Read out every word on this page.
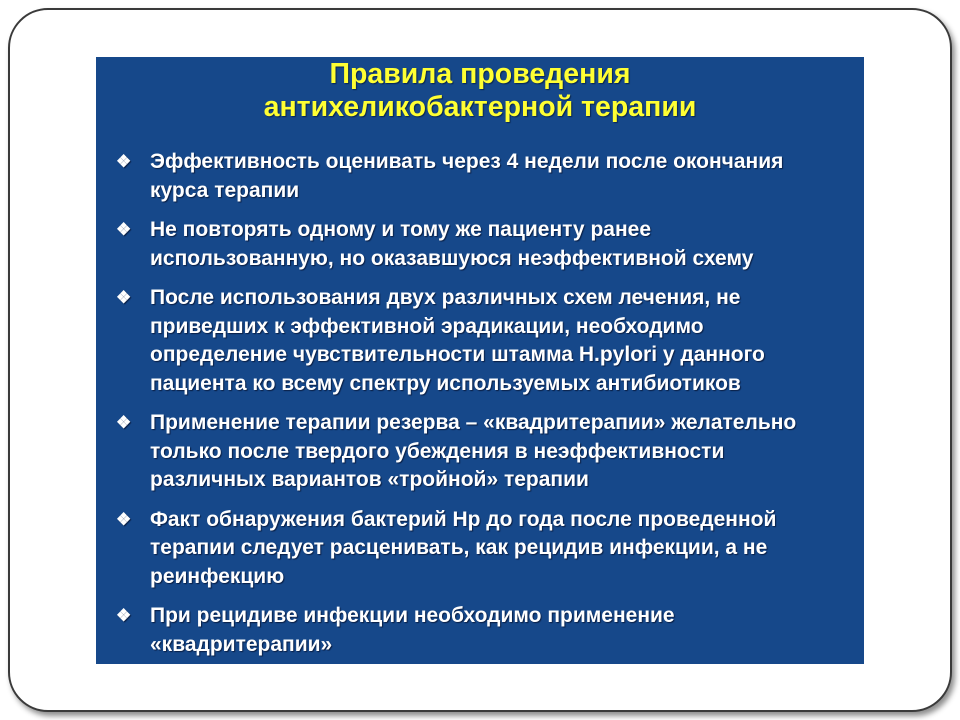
Правила проведения
антихеликобактерной терапии
❖ Эффективность оценивать через 4 недели после окончания
курса терапии
❖ Не повторять одному и тому же пациенту ранее
использованную, но оказавшуюся неэффективной схему
❖ После использования двух различных схем лечения, не
приведших к эффективной эрадикации, необходимо
определение чувствительности штамма H.pylori у данного
пациента ко всему спектру используемых антибиотиков
❖ Применение терапии резерва – «квадритерапии» желательно
только после твердого убеждения в неэффективности
различных вариантов «тройной» терапии
❖ Факт обнаружения бактерий Hp до года после проведенной
терапии следует расценивать, как рецидив инфекции, а не
реинфекцию
❖ При рецидиве инфекции необходимо применение
«квадритерапии»
